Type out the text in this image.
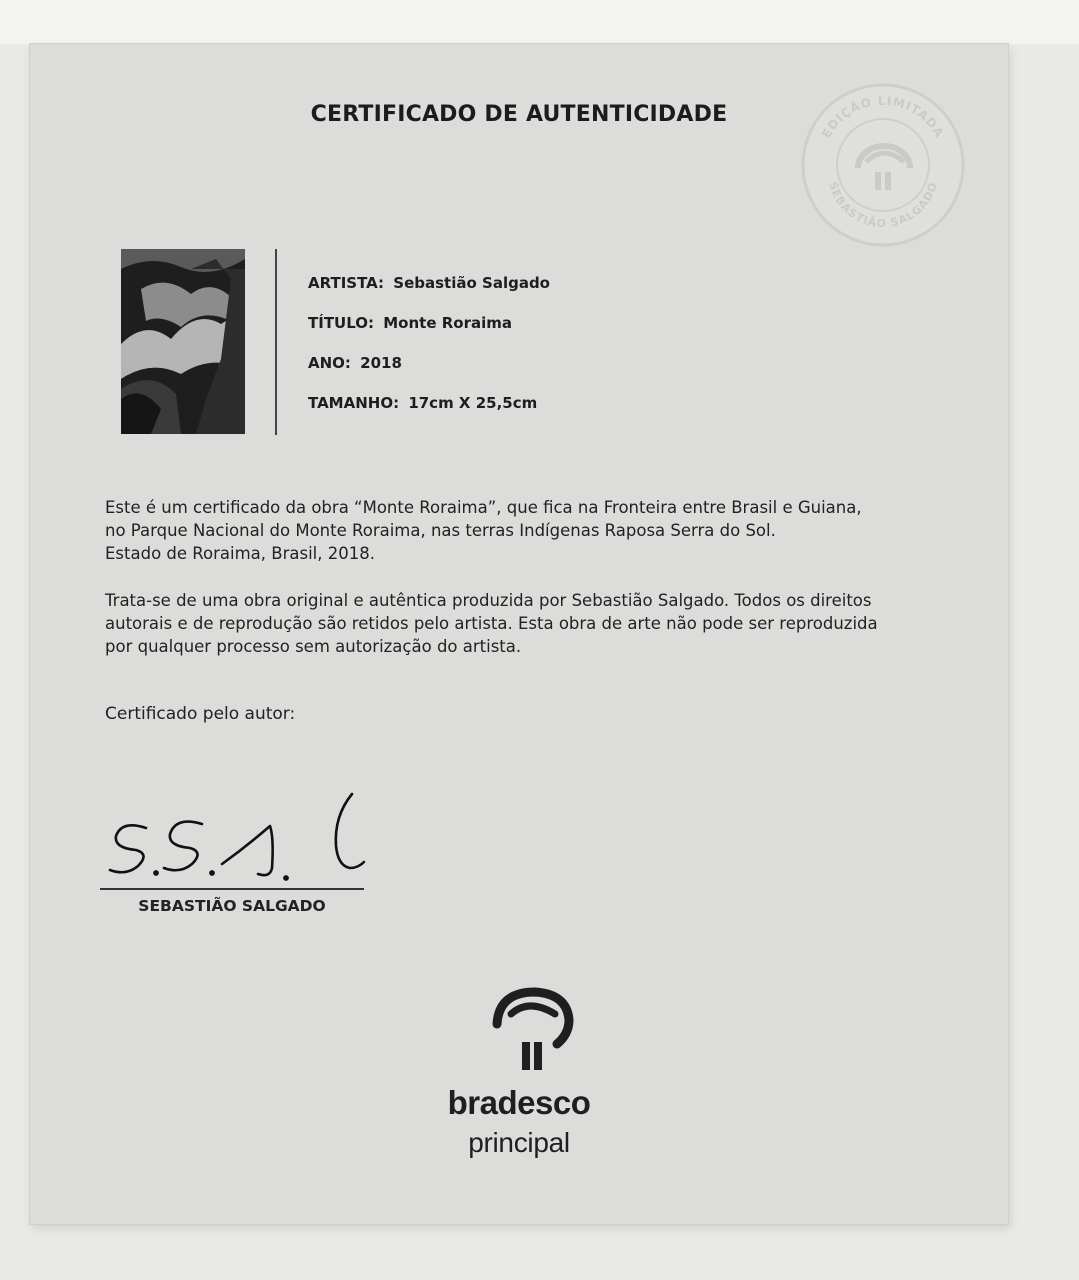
CERTIFICADO DE AUTENTICIDADE
EDIÇÃO LIMITADA
SEBASTIÃO SALGADO
ARTISTA: Sebastião Salgado
TÍTULO: Monte Roraima
ANO: 2018
TAMANHO: 17cm X 25,5cm
Este é um certificado da obra “Monte Roraima”, que fica na Fronteira entre Brasil e Guiana,
no Parque Nacional do Monte Roraima, nas terras Indígenas Raposa Serra do Sol.
Estado de Roraima, Brasil, 2018.
Trata-se de uma obra original e autêntica produzida por Sebastião Salgado. Todos os direitos
autorais e de reprodução são retidos pelo artista. Esta obra de arte não pode ser reproduzida
por qualquer processo sem autorização do artista.
Certificado pelo autor:
SEBASTIÃO SALGADO
bradesco
principal
